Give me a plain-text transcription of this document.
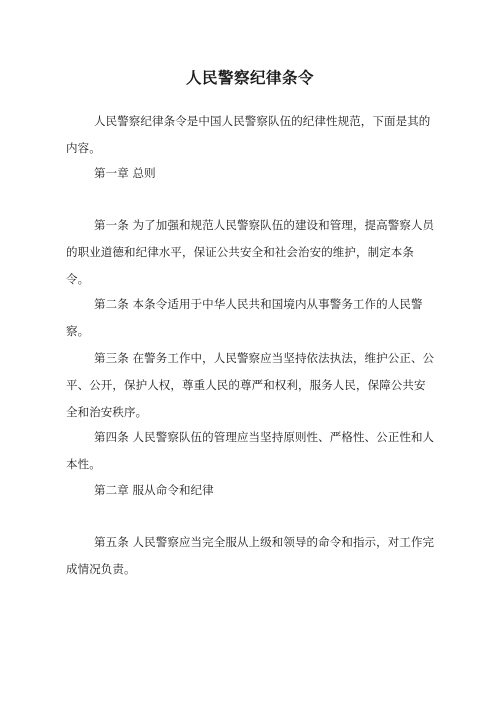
人民警察纪律条令
人民警察纪律条令是中国人民警察队伍的纪律性规范，下面是其的内容。
第一章 总则
第一条 为了加强和规范人民警察队伍的建设和管理，提高警察人员的职业道德和纪律水平，保证公共安全和社会治安的维护，制定本条令。
第二条 本条令适用于中华人民共和国境内从事警务工作的人民警察。
第三条 在警务工作中，人民警察应当坚持依法执法，维护公正、公平、公开，保护人权，尊重人民的尊严和权利，服务人民，保障公共安全和治安秩序。
第四条 人民警察队伍的管理应当坚持原则性、严格性、公正性和人本性。
第二章 服从命令和纪律
第五条 人民警察应当完全服从上级和领导的命令和指示，对工作完成情况负责。
